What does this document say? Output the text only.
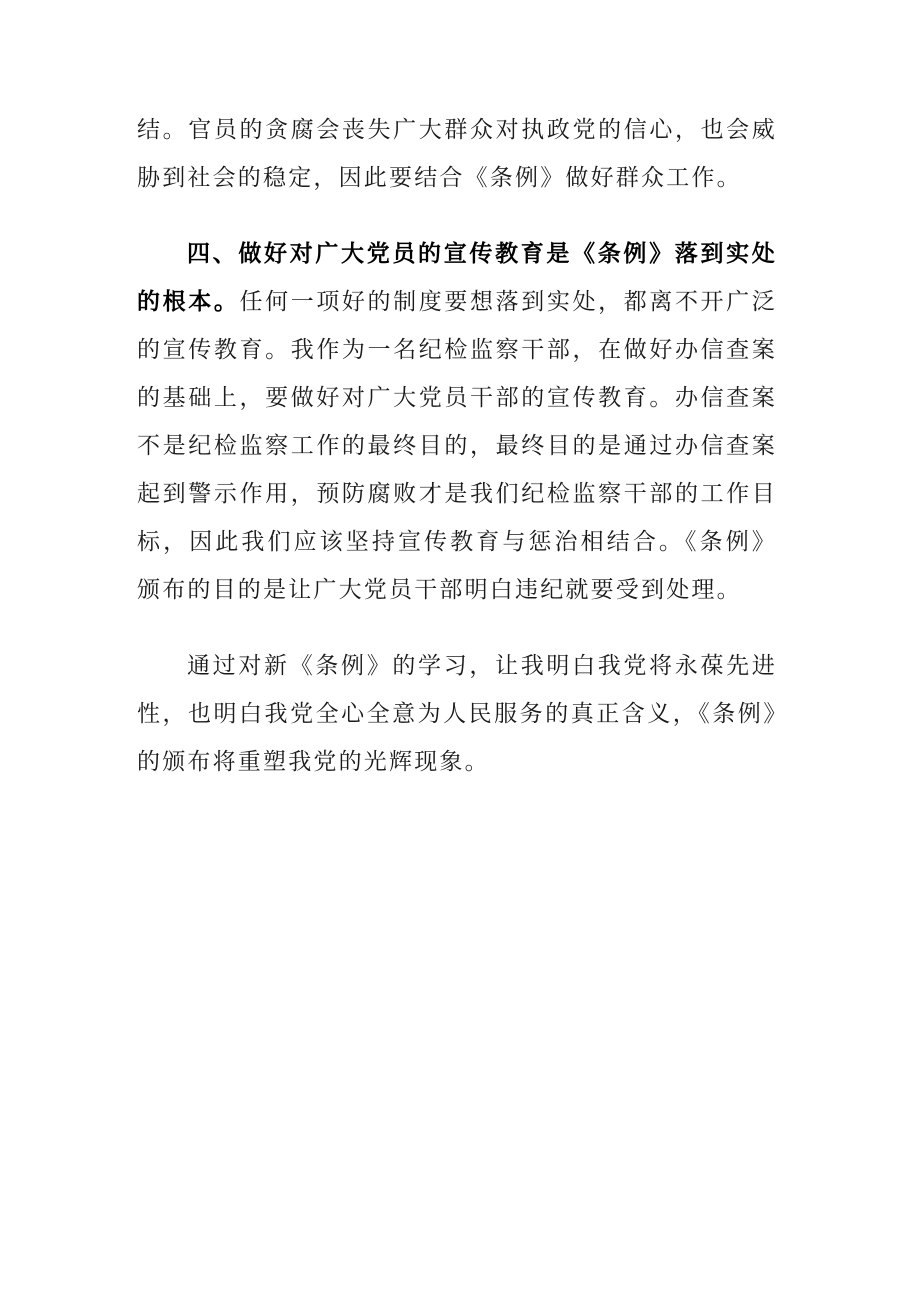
结。官员的贪腐会丧失广大群众对执政党的信心，也会威胁到社会的稳定，因此要结合《条例》做好群众工作。

四、做好对广大党员的宣传教育是《条例》落到实处的根本。任何一项好的制度要想落到实处，都离不开广泛的宣传教育。我作为一名纪检监察干部，在做好办信查案的基础上，要做好对广大党员干部的宣传教育。办信查案不是纪检监察工作的最终目的，最终目的是通过办信查案起到警示作用，预防腐败才是我们纪检监察干部的工作目标，因此我们应该坚持宣传教育与惩治相结合。《条例》颁布的目的是让广大党员干部明白违纪就要受到处理。

通过对新《条例》的学习，让我明白我党将永葆先进性，也明白我党全心全意为人民服务的真正含义，《条例》的颁布将重塑我党的光辉现象。
